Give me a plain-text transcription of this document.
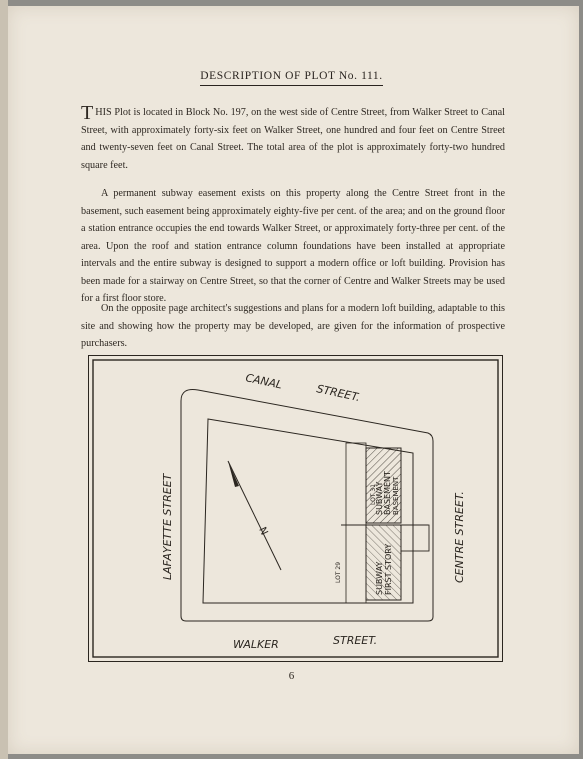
DESCRIPTION OF PLOT No. 111.
T HIS Plot is located in Block No. 197, on the west side of Centre Street, from Walker Street to Canal Street, with approximately forty-six feet on Walker Street, one hundred and four feet on Centre Street and twenty-seven feet on Canal Street. The total area of the plot is approximately forty-two hundred square feet.
A permanent subway easement exists on this property along the Centre Street front in the basement, such easement being approximately eighty-five per cent. of the area; and on the ground floor a station entrance occupies the end towards Walker Street, or approximately forty-three per cent. of the area. Upon the roof and station entrance column foundations have been installed at appropriate intervals and the entire subway is designed to support a modern office or loft building. Provision has been made for a stairway on Centre Street, so that the corner of Centre and Walker Streets may be used for a first floor store.
On the opposite page architect's suggestions and plans for a modern loft building, adaptable to this site and showing how the property may be developed, are given for the information of prospective purchasers.
N
CANAL
STREET.
LAFAYETTE STREET	CENTRE STREET.
WALKER	STREET.
SUBWAY BASEMENT BASEMENT
SUBWAY FIRST STORY
LOT 31
LOT 29
6
